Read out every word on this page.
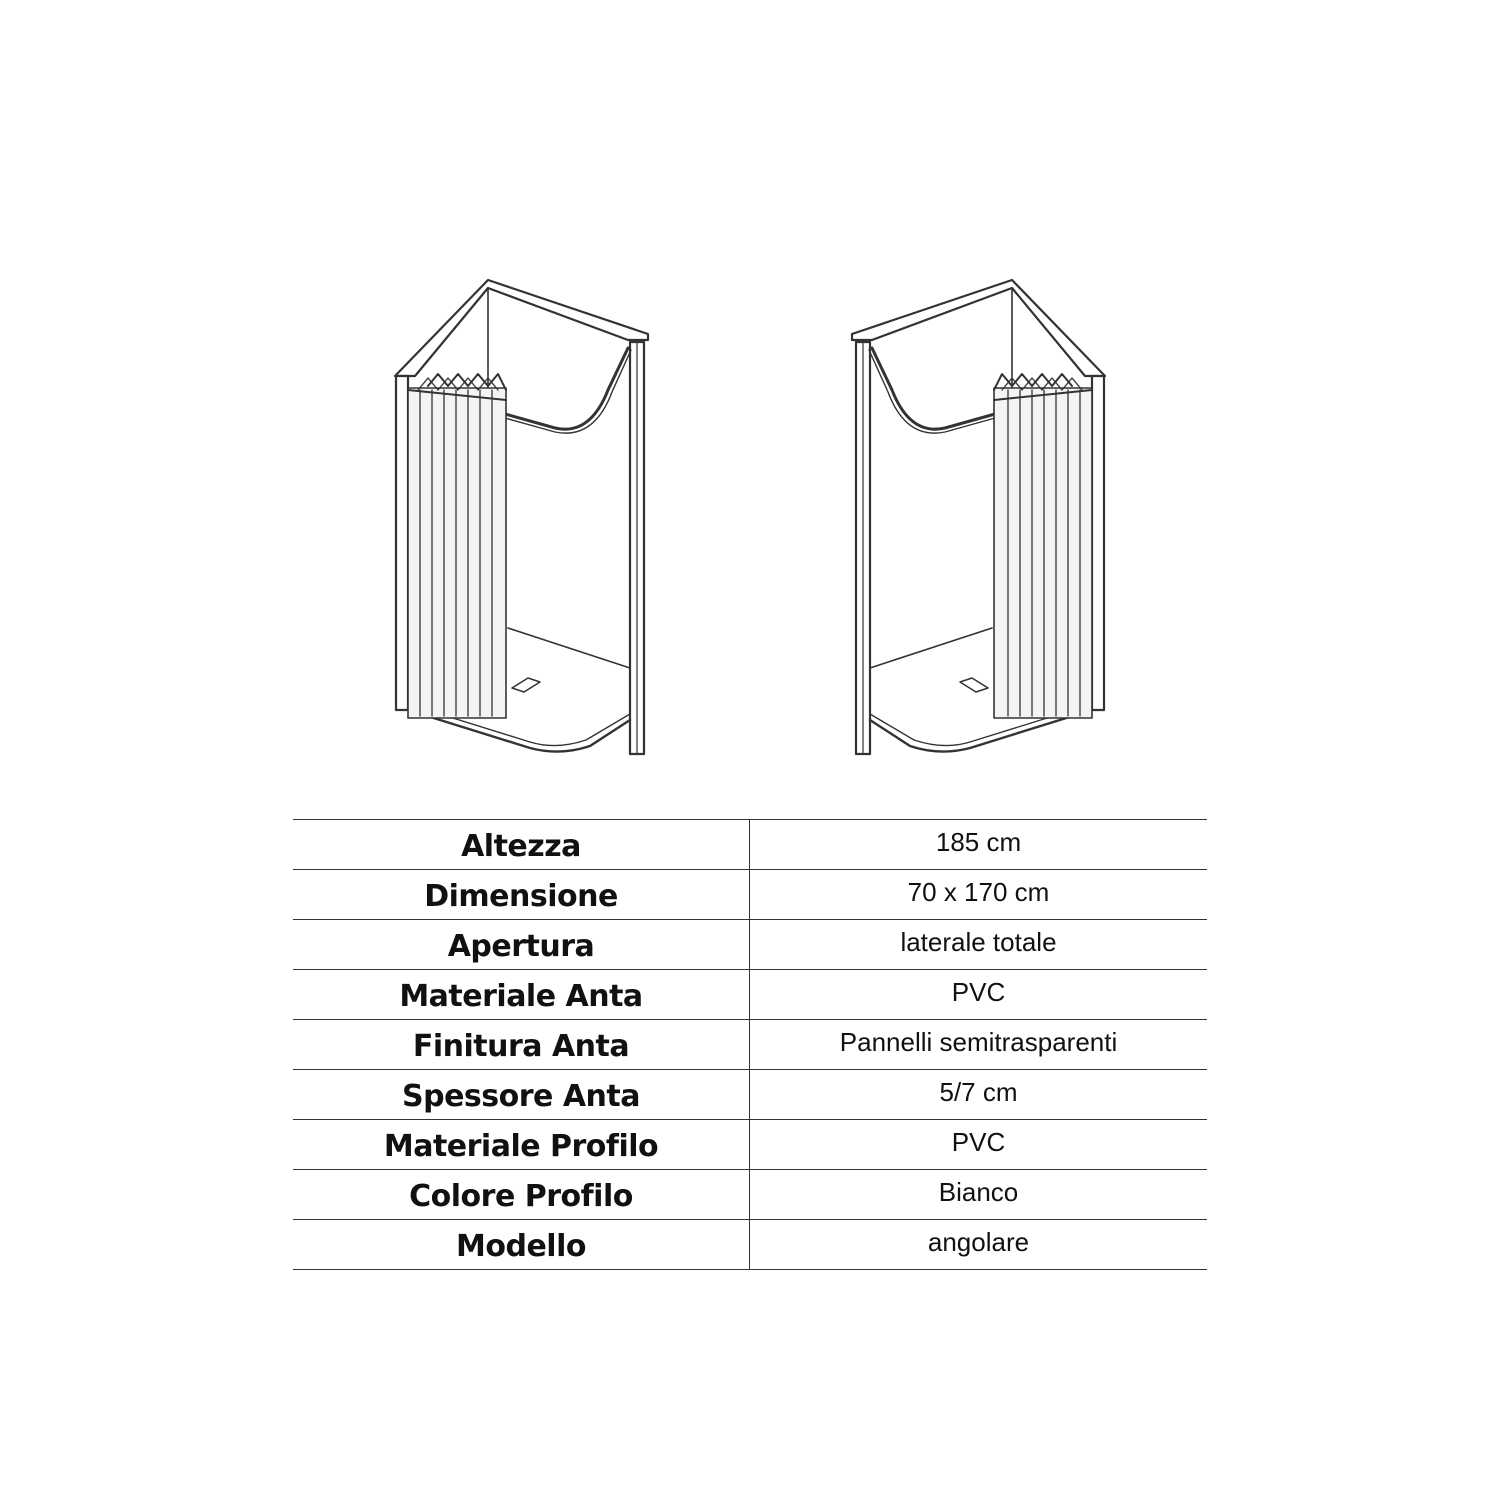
Altezza	185 cm
Dimensione	70 x 170 cm
Apertura	laterale totale
Materiale Anta	PVC
Finitura Anta	Pannelli semitrasparenti
Spessore Anta	5/7 cm
Materiale Profilo	PVC
Colore Profilo	Bianco
Modello	angolare
